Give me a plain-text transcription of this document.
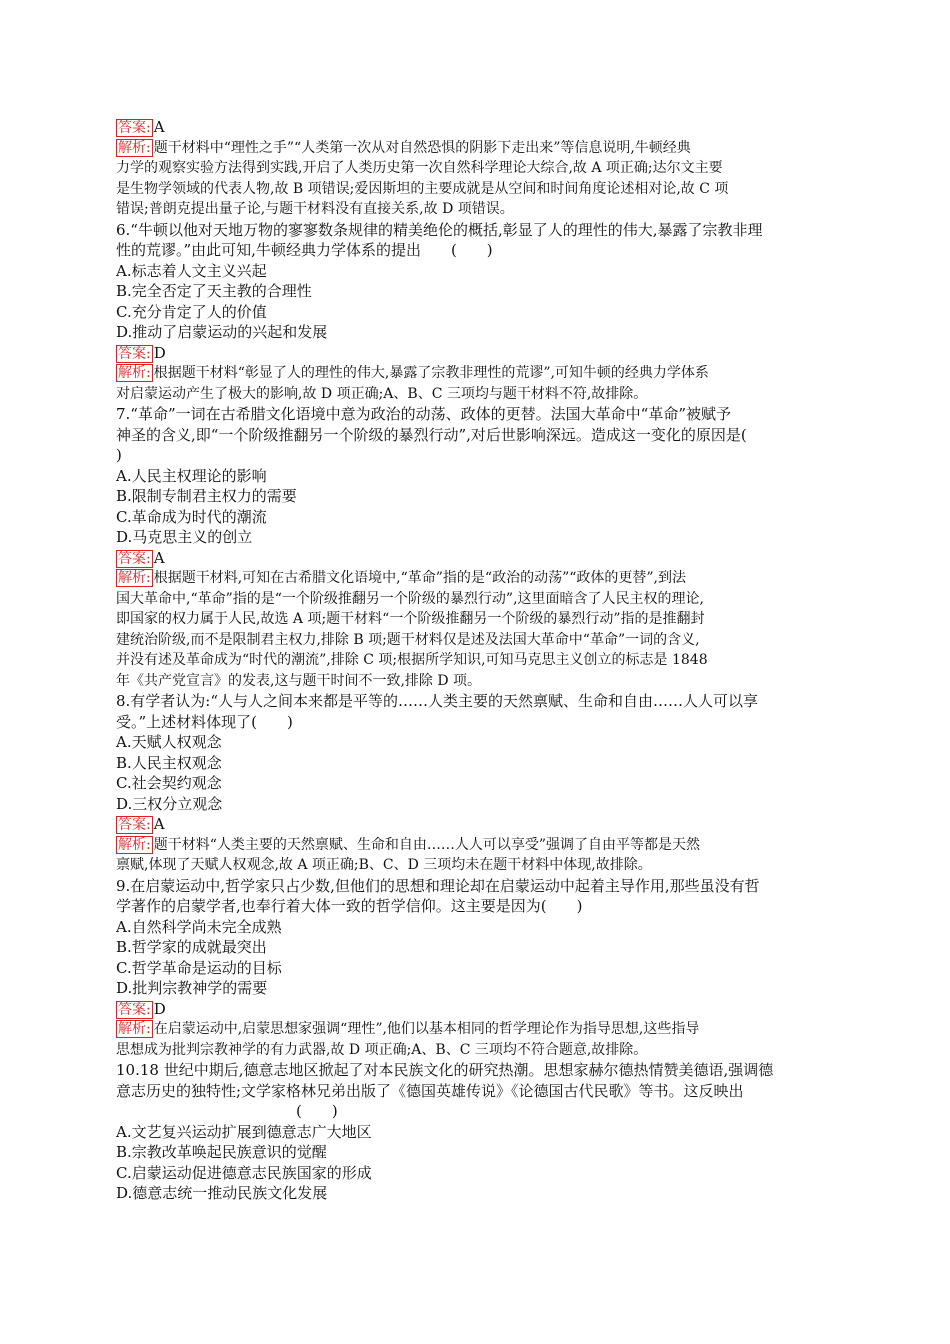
答案: A
解析: 题干材料中“理性之手”“人类第一次从对自然恐惧的阴影下走出来”等信息说明,牛顿经典
力学的观察实验方法得到实践,开启了人类历史第一次自然科学理论大综合,故 A 项正确;达尔文主要
是生物学领域的代表人物,故 B 项错误;爱因斯坦的主要成就是从空间和时间角度论述相对论,故 C 项
错误;普朗克提出量子论,与题干材料没有直接关系,故 D 项错误。
6.“牛顿以他对天地万物的寥寥数条规律的精美绝伦的概括,彰显了人的理性的伟大,暴露了宗教非理
性的荒谬。”由此可知,牛顿经典力学体系的提出　　(　　)
A.标志着人文主义兴起
B.完全否定了天主教的合理性
C.充分肯定了人的价值
D.推动了启蒙运动的兴起和发展
答案: D
解析: 根据题干材料“彰显了人的理性的伟大,暴露了宗教非理性的荒谬”,可知牛顿的经典力学体系
对启蒙运动产生了极大的影响,故 D 项正确;A、B、C 三项均与题干材料不符,故排除。
7.“革命”一词在古希腊文化语境中意为政治的动荡、政体的更替。法国大革命中“革命”被赋予
神圣的含义,即“一个阶级推翻另一个阶级的暴烈行动”,对后世影响深远。造成这一变化的原因是(
)
A.人民主权理论的影响
B.限制专制君主权力的需要
C.革命成为时代的潮流
D.马克思主义的创立
答案: A
解析: 根据题干材料,可知在古希腊文化语境中,“革命”指的是“政治的动荡”“政体的更替”,到法
国大革命中,“革命”指的是“一个阶级推翻另一个阶级的暴烈行动”,这里面暗含了人民主权的理论,
即国家的权力属于人民,故选 A 项;题干材料“一个阶级推翻另一个阶级的暴烈行动”指的是推翻封
建统治阶级,而不是限制君主权力,排除 B 项;题干材料仅是述及法国大革命中“革命”一词的含义,
并没有述及革命成为“时代的潮流”,排除 C 项;根据所学知识,可知马克思主义创立的标志是 1848
年《共产党宣言》的发表,这与题干时间不一致,排除 D 项。
8.有学者认为:“人与人之间本来都是平等的……人类主要的天然禀赋、生命和自由……人人可以享
受。”上述材料体现了(　　)
A.天赋人权观念
B.人民主权观念
C.社会契约观念
D.三权分立观念
答案: A
解析: 题干材料“人类主要的天然禀赋、生命和自由……人人可以享受”强调了自由平等都是天然
禀赋,体现了天赋人权观念,故 A 项正确;B、C、D 三项均未在题干材料中体现,故排除。
9.在启蒙运动中,哲学家只占少数,但他们的思想和理论却在启蒙运动中起着主导作用,那些虽没有哲
学著作的启蒙学者,也奉行着大体一致的哲学信仰。这主要是因为(　　)
A.自然科学尚未完全成熟
B.哲学家的成就最突出
C.哲学革命是运动的目标
D.批判宗教神学的需要
答案: D
解析: 在启蒙运动中,启蒙思想家强调“理性”,他们以基本相同的哲学理论作为指导思想,这些指导
思想成为批判宗教神学的有力武器,故 D 项正确;A、B、C 三项均不符合题意,故排除。
10.18 世纪中期后,德意志地区掀起了对本民族文化的研究热潮。思想家赫尔德热情赞美德语,强调德
意志历史的独特性;文学家格林兄弟出版了《德国英雄传说》《论德国古代民歌》等书。这反映出
　　　　　　　　　　　　(　　)
A.文艺复兴运动扩展到德意志广大地区
B.宗教改革唤起民族意识的觉醒
C.启蒙运动促进德意志民族国家的形成
D.德意志统一推动民族文化发展
